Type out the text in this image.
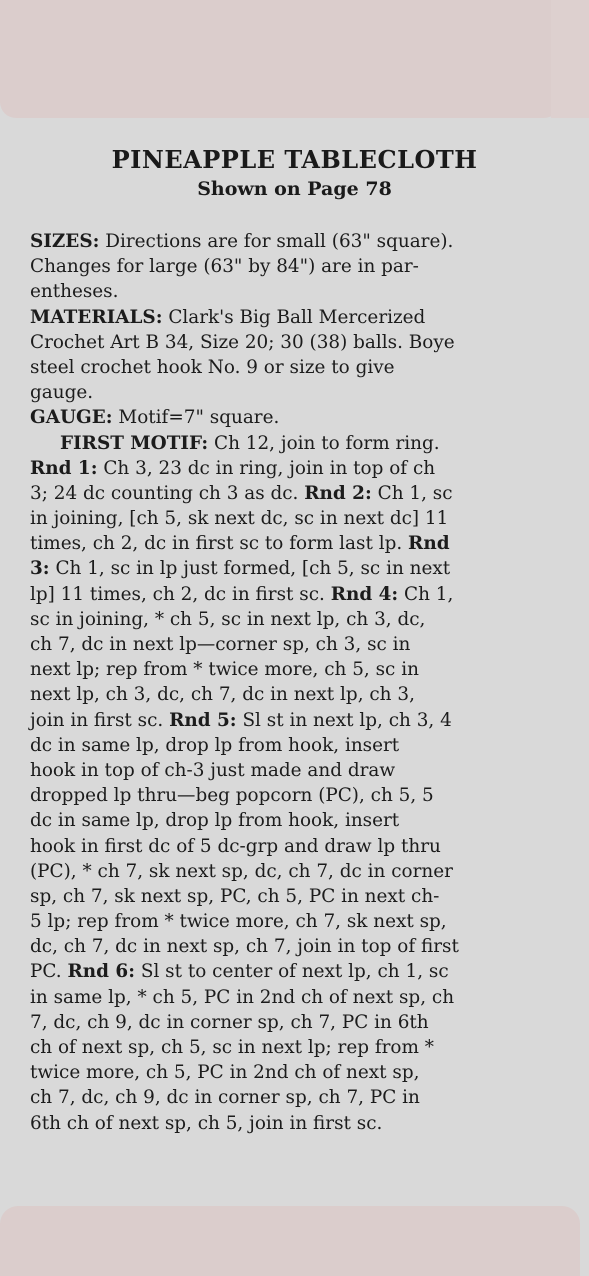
PINEAPPLE TABLECLOTH
Shown on Page 78
SIZES: Directions are for small (63" square).
Changes for large (63" by 84") are in par-
entheses.
MATERIALS: Clark's Big Ball Mercerized
Crochet Art B 34, Size 20; 30 (38) balls. Boye
steel crochet hook No. 9 or size to give
gauge.
GAUGE: Motif=7" square.
FIRST MOTIF: Ch 12, join to form ring.
Rnd 1: Ch 3, 23 dc in ring, join in top of ch
3; 24 dc counting ch 3 as dc. Rnd 2: Ch 1, sc
in joining, [ch 5, sk next dc, sc in next dc] 11
times, ch 2, dc in first sc to form last lp. Rnd
3: Ch 1, sc in lp just formed, [ch 5, sc in next
lp] 11 times, ch 2, dc in first sc. Rnd 4: Ch 1,
sc in joining, * ch 5, sc in next lp, ch 3, dc,
ch 7, dc in next lp—corner sp, ch 3, sc in
next lp; rep from * twice more, ch 5, sc in
next lp, ch 3, dc, ch 7, dc in next lp, ch 3,
join in first sc. Rnd 5: Sl st in next lp, ch 3, 4
dc in same lp, drop lp from hook, insert
hook in top of ch-3 just made and draw
dropped lp thru—beg popcorn (PC), ch 5, 5
dc in same lp, drop lp from hook, insert
hook in first dc of 5 dc-grp and draw lp thru
(PC), * ch 7, sk next sp, dc, ch 7, dc in corner
sp, ch 7, sk next sp, PC, ch 5, PC in next ch-
5 lp; rep from * twice more, ch 7, sk next sp,
dc, ch 7, dc in next sp, ch 7, join in top of first
PC. Rnd 6: Sl st to center of next lp, ch 1, sc
in same lp, * ch 5, PC in 2nd ch of next sp, ch
7, dc, ch 9, dc in corner sp, ch 7, PC in 6th
ch of next sp, ch 5, sc in next lp; rep from *
twice more, ch 5, PC in 2nd ch of next sp,
ch 7, dc, ch 9, dc in corner sp, ch 7, PC in
6th ch of next sp, ch 5, join in first sc.
